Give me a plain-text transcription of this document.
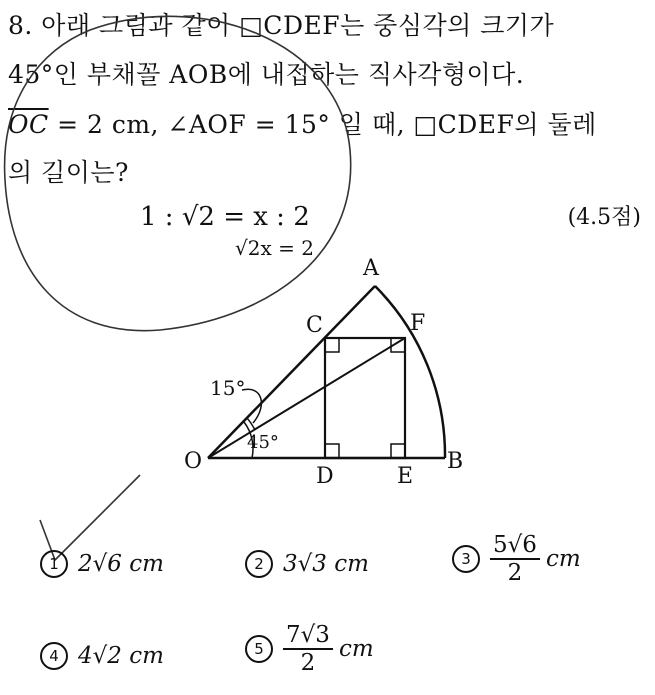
8. 아래 그림과 같이 □CDEF는 중심각의 크기가
45°인 부채꼴 AOB에 내접하는 직사각형이다.
$\overline{OC} = 2$ cm, ∠AOF = 15° 일 때, □CDEF의 둘레
의 길이는?
(4.5점)
1 : √2 = x : 2
√2x = 2
15°
45°
A
B
C
D	E
F
O
1 2√6 cm	2 3√3 cm	$3 \frac{5√6}{2}$ cm
4 4√2 cm	$5 \frac{7√3}{2}$ cm
